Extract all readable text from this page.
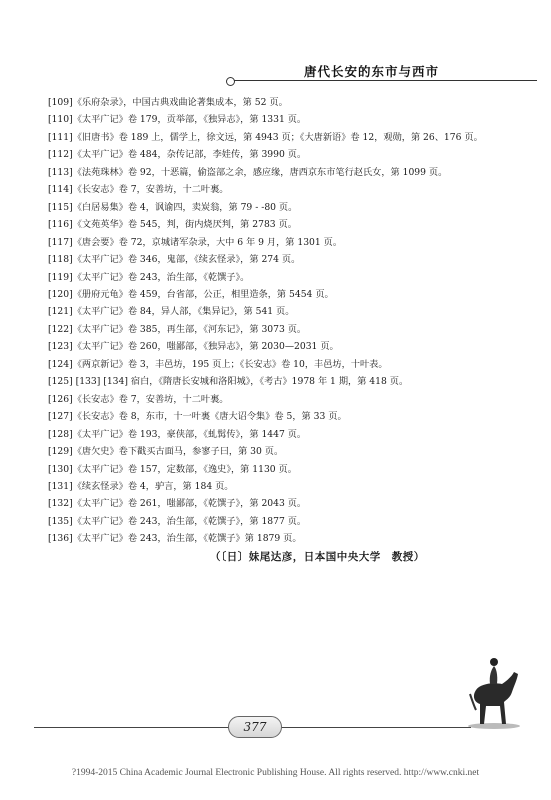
唐代长安的东市与西市
[109]《乐府杂录》，中国古典戏曲论著集成本，第 52 页。
[110]《太平广记》卷 179，贡举部，《独异志》，第 1331 页。
[111]《旧唐书》卷 189 上，儒学上，徐文远，第 4943 页；《大唐新语》卷 12，观勋，第 26、176 页。
[112]《太平广记》卷 484，杂传记部，李娃传，第 3990 页。
[113]《法苑珠林》卷 92，十恶篇，偷盗部之余，感应缘，唐西京东市笔行赵氏女，第 1099 页。
[114]《长安志》卷 7，安善坊，十二叶裏。
[115]《白居易集》卷 4，讽谕四，卖炭翁，第 79 - -80 页。
[116]《文苑英华》卷 545，判，街内烧厌判，第 2783 页。
[117]《唐会要》卷 72，京城诸军杂录，大中 6 年 9 月，第 1301 页。
[118]《太平广记》卷 346，鬼部，《续玄怪录》，第 274 页。
[119]《太平广记》卷 243，治生部，《乾馔子》。
[120]《册府元龟》卷 459，台省部，公正，相里造条，第 5454 页。
[121]《太平广记》卷 84，异人部，《集异记》，第 541 页。
[122]《太平广记》卷 385，再生部，《河东记》，第 3073 页。
[123]《太平广记》卷 260，嗤鄙部，《独异志》，第 2030—2031 页。
[124]《两京新记》卷 3，丰邑坊，195 页上；《长安志》卷 10，丰邑坊，十叶表。
[125] [133] [134] 宿白，《隋唐长安城和洛阳城》，《考古》1978 年 1 期，第 418 页。
[126]《长安志》卷 7，安善坊，十二叶裏。
[127]《长安志》卷 8，东市，十一叶裏《唐大诏令集》卷 5，第 33 页。
[128]《太平广记》卷 193，豪侠部，《虬髯传》，第 1447 页。
[129]《唐欠史》卷下戳买古面马，参寥子曰，第 30 页。
[130]《太平广记》卷 157，定数部，《逸史》，第 1130 页。
[131]《续玄怪录》卷 4，驴言，第 184 页。
[132]《太平广记》卷 261，嗤鄙部，《乾馔子》，第 2043 页。
[135]《太平广记》卷 243，治生部，《乾馔子》，第 1877 页。
[136]《太平广记》卷 243，治生部，《乾馔子》第 1879 页。
（〔日〕妹尾达彦，日本国中央大学　教授）
377
?1994-2015 China Academic Journal Electronic Publishing House. All rights reserved. http://www.cnki.net
